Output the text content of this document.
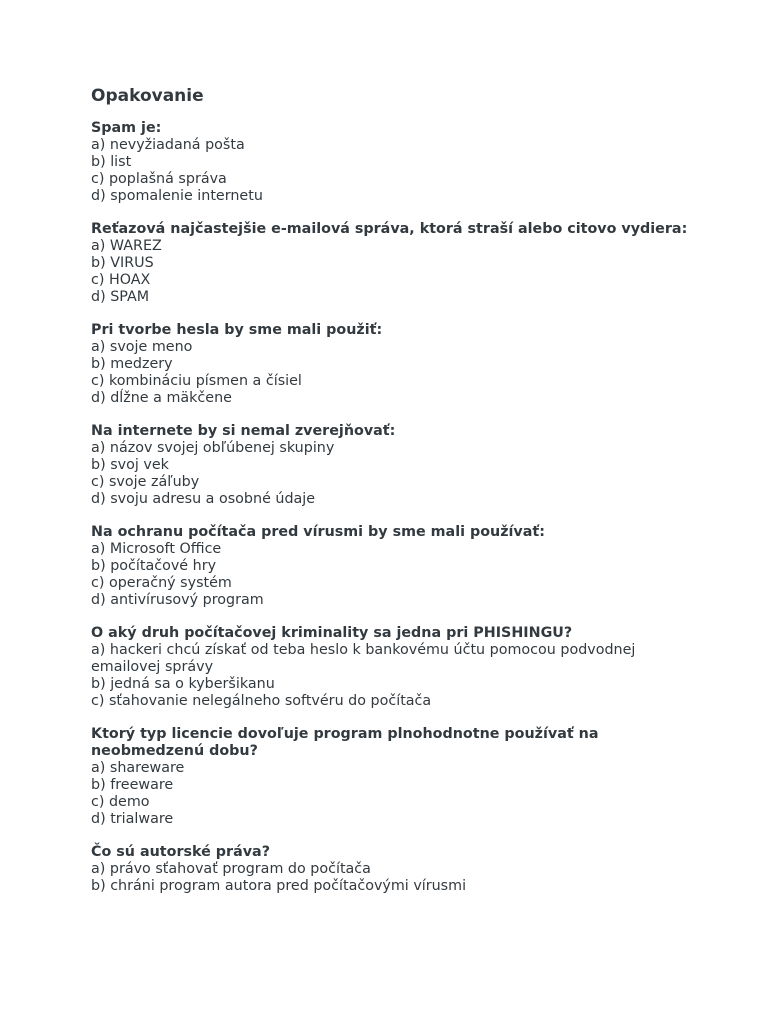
Opakovanie

Spam je:

a) nevyžiadaná pošta

b) list

c) poplašná správa

d) spomalenie internetu

Reťazová najčastejšie e-mailová správa, ktorá straší alebo citovo vydiera:

a) WAREZ

b) VIRUS

c) HOAX

d) SPAM

Pri tvorbe hesla by sme mali použiť:

a) svoje meno

b) medzery

c) kombináciu písmen a čísiel

d) dĺžne a mäkčene

Na internete by si nemal zverejňovať:

a) názov svojej obľúbenej skupiny

b) svoj vek

c) svoje záľuby

d) svoju adresu a osobné údaje

Na ochranu počítača pred vírusmi by sme mali používať:

a) Microsoft Office

b) počítačové hry

c) operačný systém

d) antivírusový program

O aký druh počítačovej kriminality sa jedna pri PHISHINGU?

a) hackeri chcú získať od teba heslo k bankovému účtu pomocou podvodnej emailovej správy

b) jedná sa o kyberšikanu

c) sťahovanie nelegálneho softvéru do počítača

Ktorý typ licencie dovoľuje program plnohodnotne používať na neobmedzenú dobu?

a) shareware

b) freeware

c) demo

d) trialware

Čo sú autorské práva?

a) právo sťahovať program do počítača

b) chráni program autora pred počítačovými vírusmi
